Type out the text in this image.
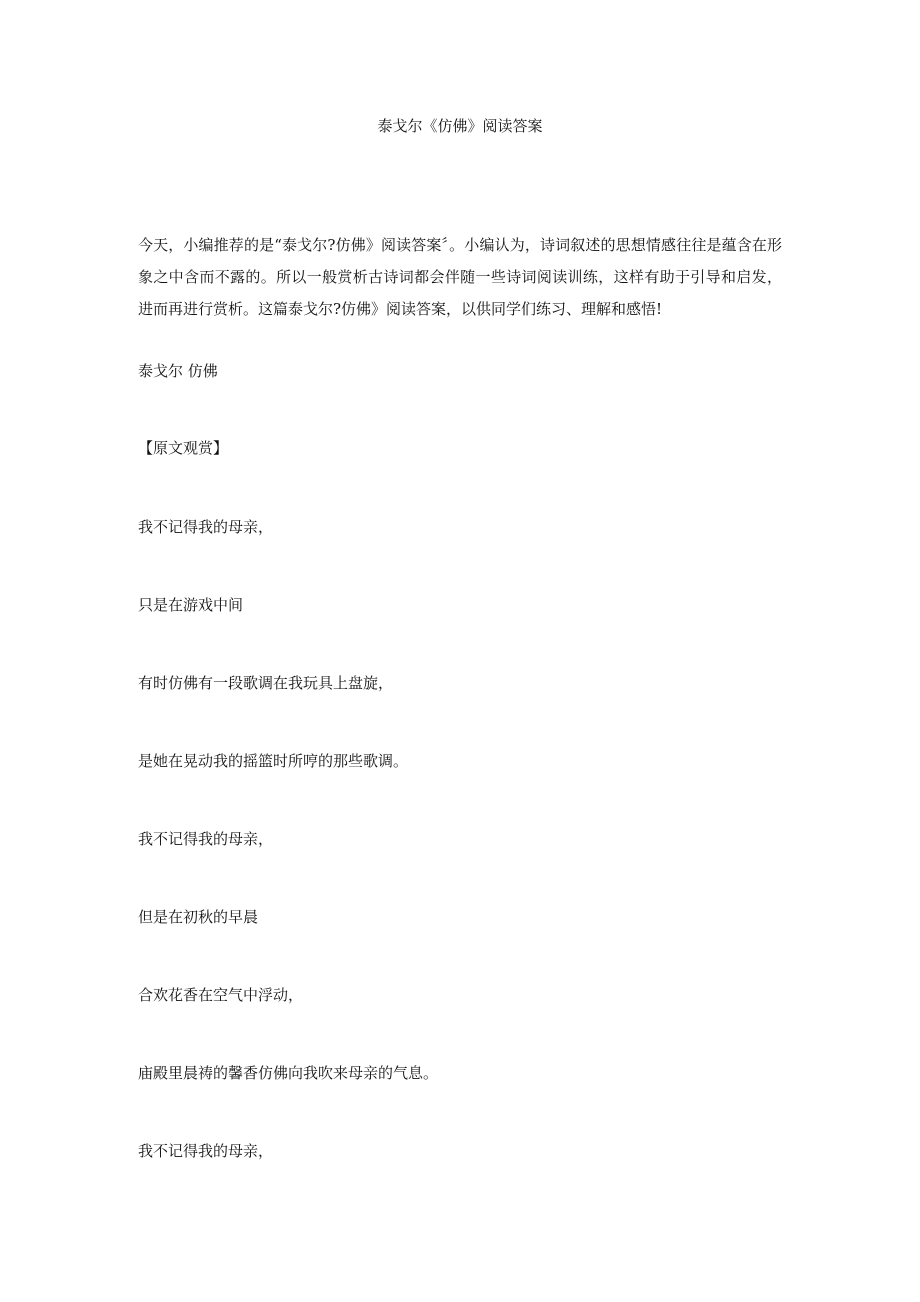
泰戈尔《仿佛》阅读答案

今天，小编推荐的是“泰戈尔?仿佛》阅读答案〞。小编认为，诗词叙述的思想情感往往是蕴含在形象之中含而不露的。所以一般赏析古诗词都会伴随一些诗词阅读训练，这样有助于引导和启发，进而再进行赏析。这篇泰戈尔?仿佛》阅读答案，以供同学们练习、理解和感悟!

泰戈尔 仿佛

【原文观赏】

我不记得我的母亲，

只是在游戏中间

有时仿佛有一段歌调在我玩具上盘旋，

是她在晃动我的摇篮时所哼的那些歌调。

我不记得我的母亲，

但是在初秋的早晨

合欢花香在空气中浮动，

庙殿里晨祷的馨香仿佛向我吹来母亲的气息。

我不记得我的母亲，
